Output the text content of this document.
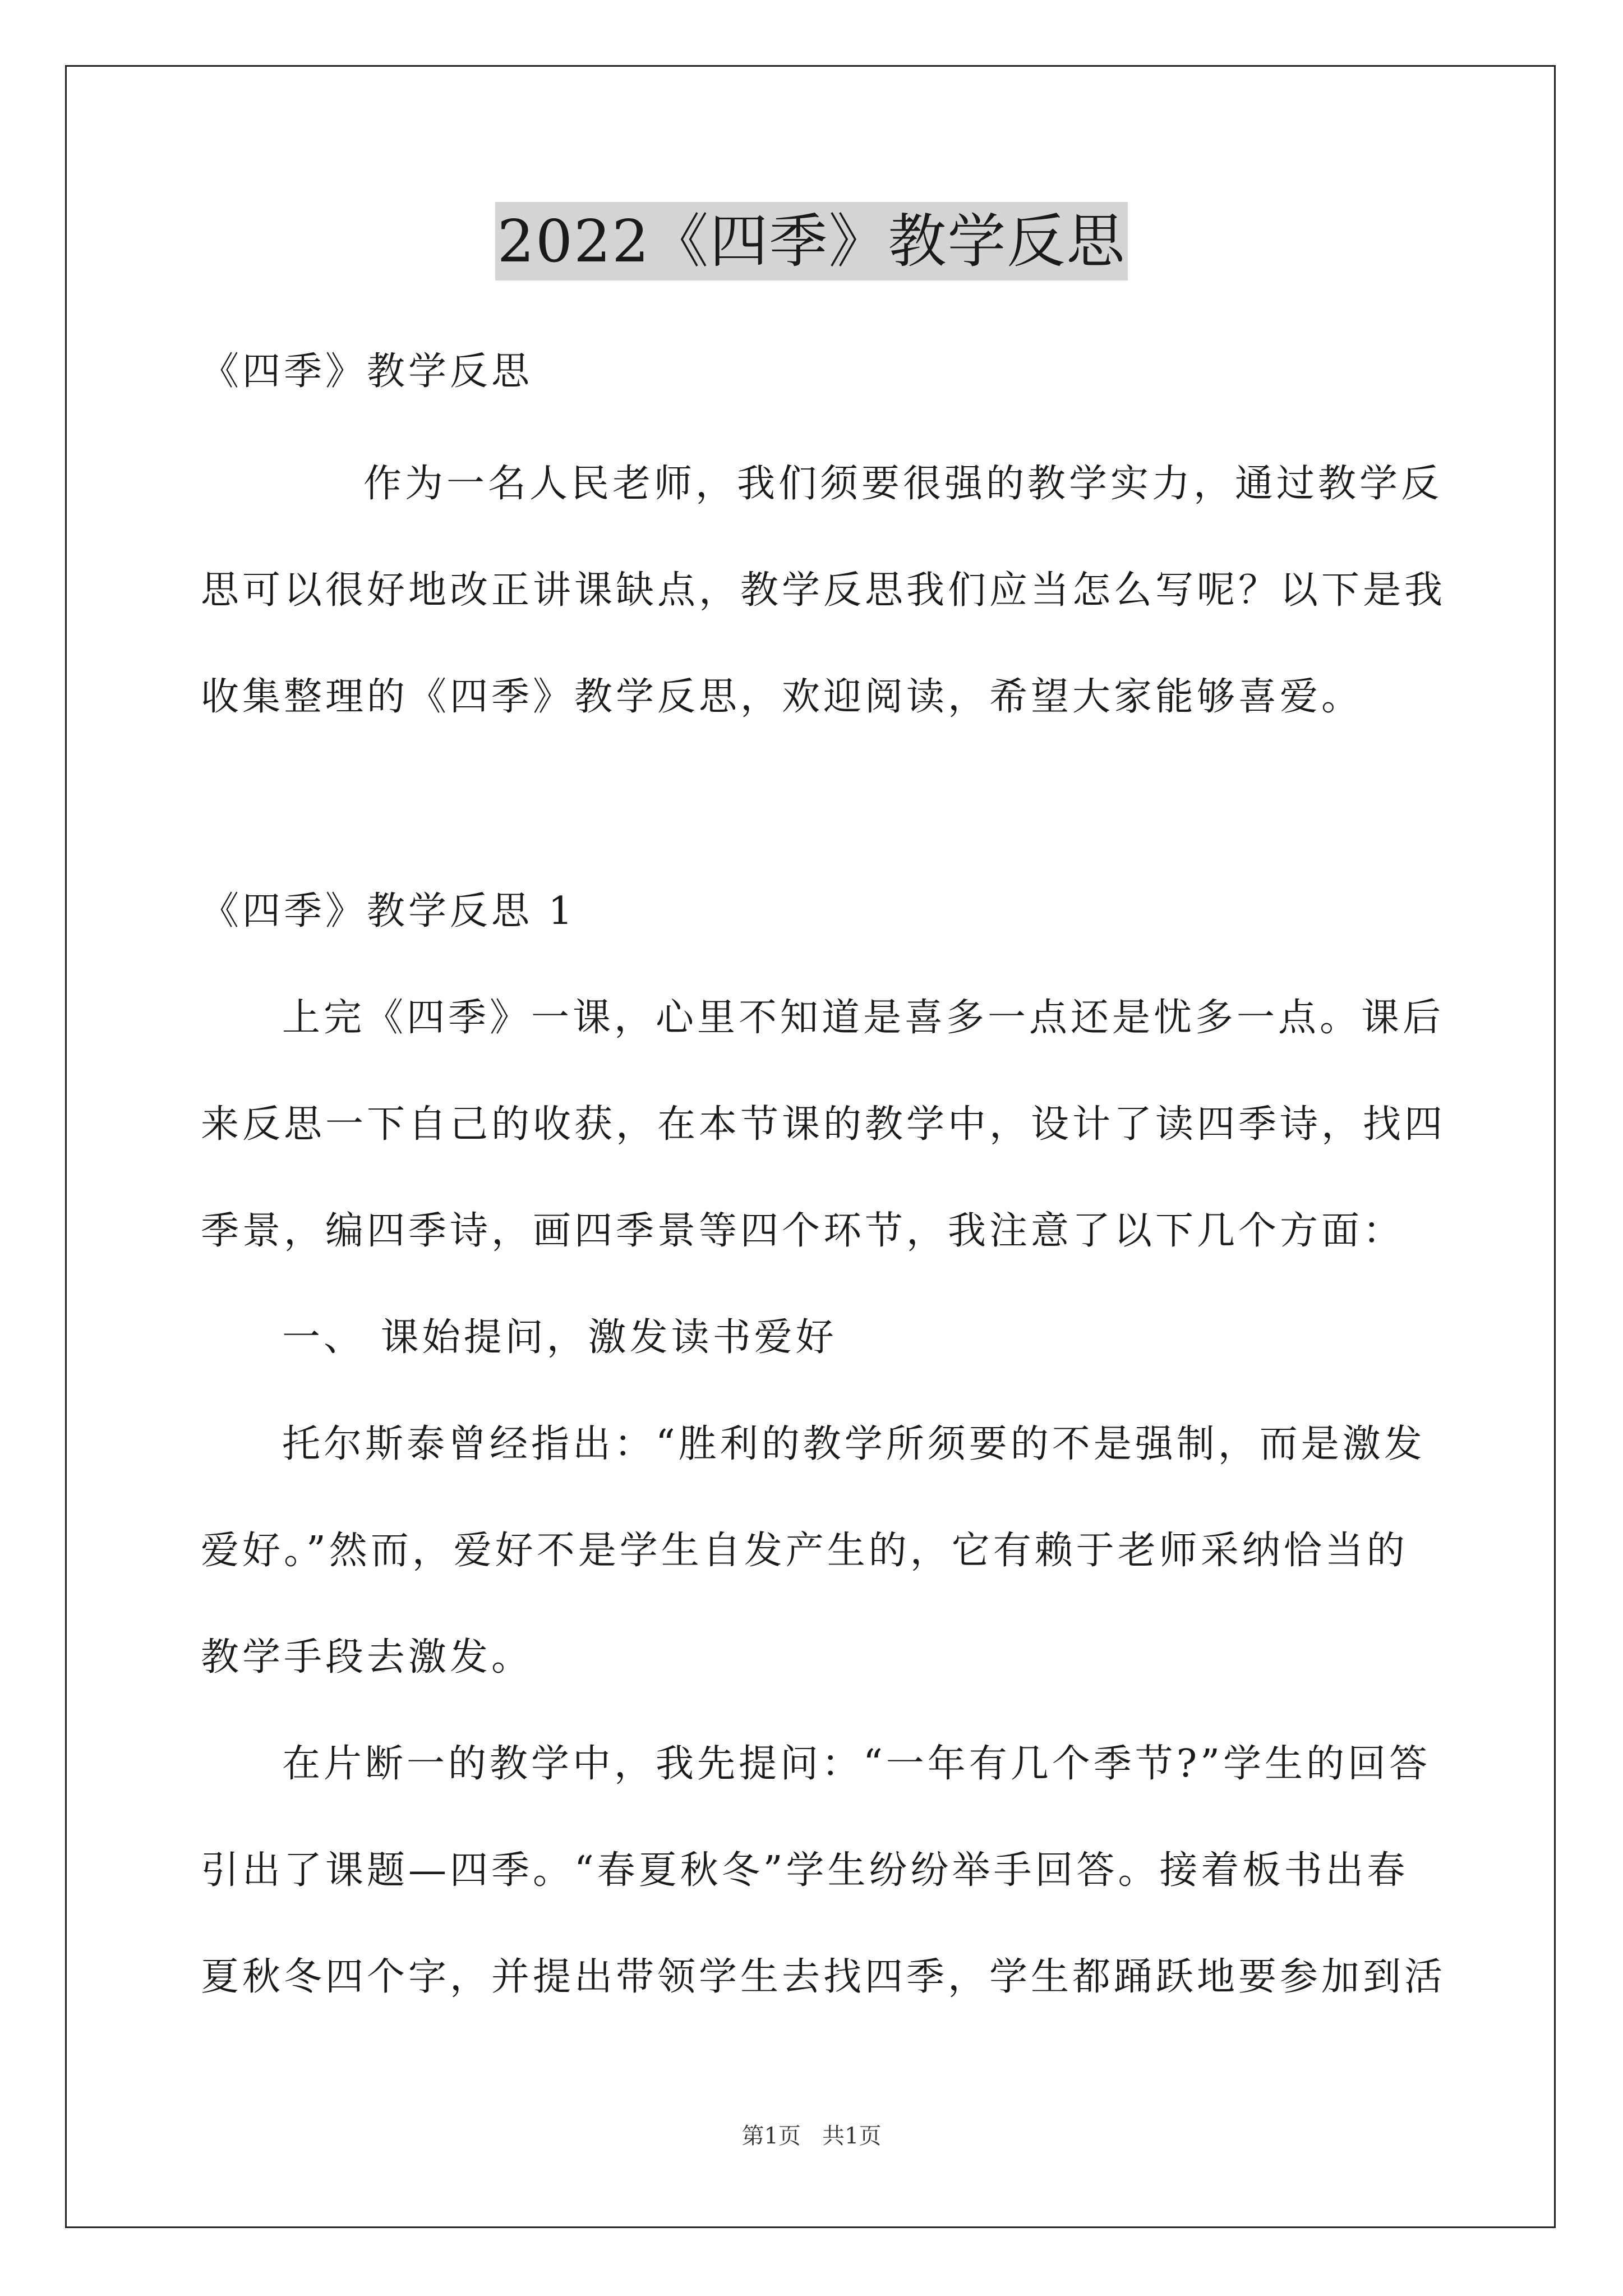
2022《四季》教学反思
《四季》教学反思
作为一名人民老师，我们须要很强的教学实力，通过教学反
思可以很好地改正讲课缺点，教学反思我们应当怎么写呢？以下是我
收集整理的《四季》教学反思，欢迎阅读，希望大家能够喜爱。
《四季》教学反思 1
上完《四季》一课，心里不知道是喜多一点还是忧多一点。课后
来反思一下自己的收获，在本节课的教学中，设计了读四季诗，找四
季景，编四季诗，画四季景等四个环节，我注意了以下几个方面：
一、 课始提问，激发读书爱好
托尔斯泰曾经指出：“胜利的教学所须要的不是强制，而是激发
爱好。”然而，爱好不是学生自发产生的，它有赖于老师采纳恰当的
教学手段去激发。
在片断一的教学中，我先提问：“一年有几个季节?”学生的回答
引出了课题—四季。“春夏秋冬”学生纷纷举手回答。接着板书出春
夏秋冬四个字，并提出带领学生去找四季，学生都踊跃地要参加到活
第1页   共1页
